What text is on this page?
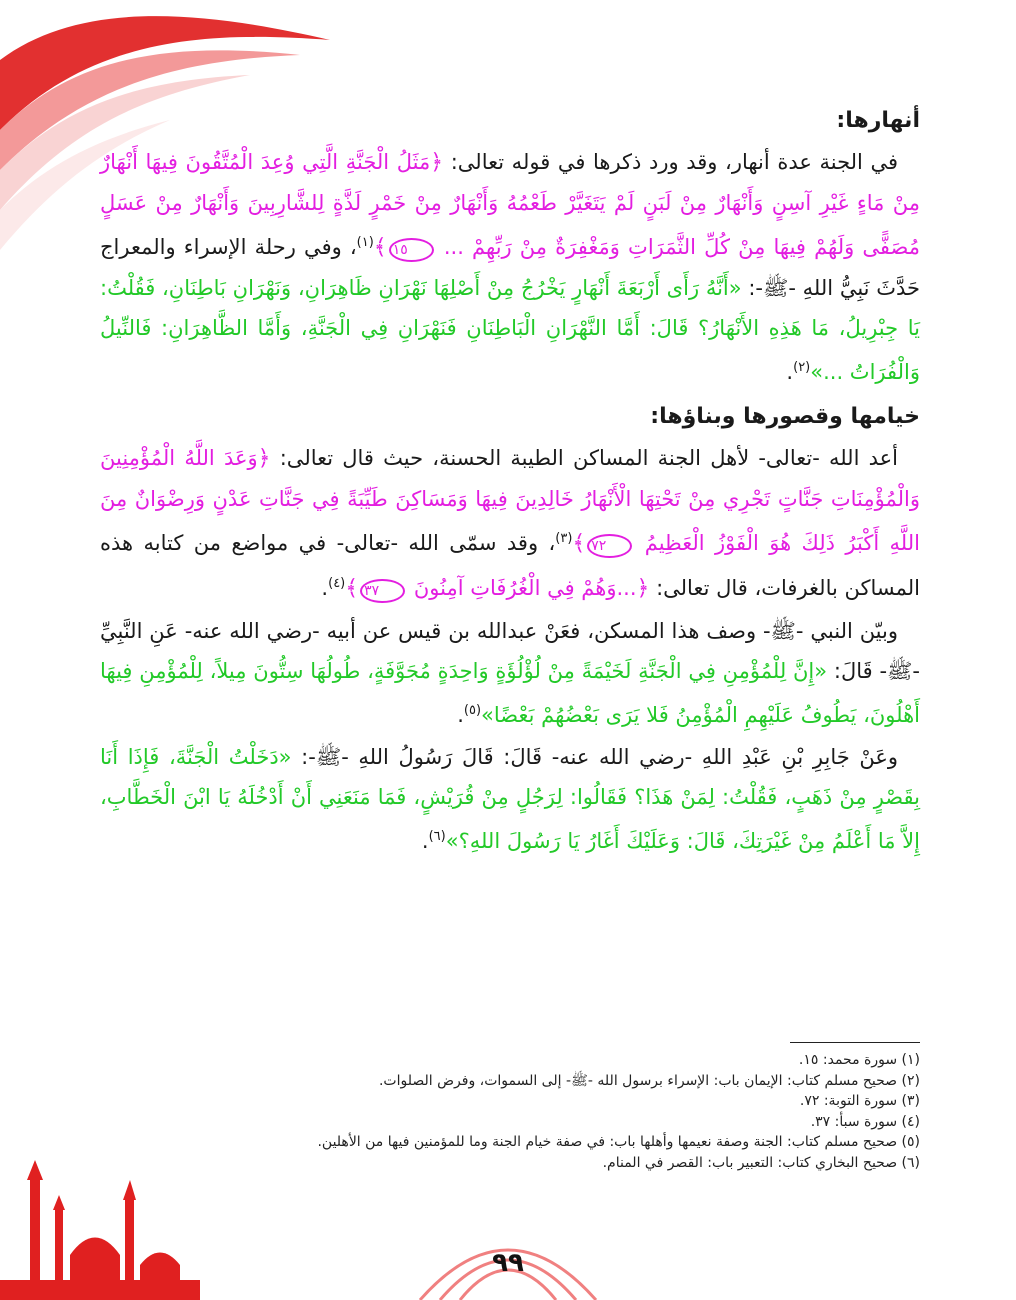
أنهارها:

في الجنة عدة أنهار، وقد ورد ذكرها في قوله تعالى: ﴿مَثَلُ الْجَنَّةِ الَّتِي وُعِدَ الْمُتَّقُونَ فِيهَا أَنْهَارٌ مِنْ مَاءٍ غَيْرِ آسِنٍ وَأَنْهَارٌ مِنْ لَبَنٍ لَمْ يَتَغَيَّرْ طَعْمُهُ وَأَنْهَارٌ مِنْ خَمْرٍ لَذَّةٍ لِلشَّارِبِينَ وَأَنْهَارٌ مِنْ عَسَلٍ مُصَفًّى وَلَهُمْ فِيهَا مِنْ كُلِّ الثَّمَرَاتِ وَمَغْفِرَةٌ مِنْ رَبِّهِمْ ... ١٥﴾$^{(١)}$، وفي رحلة الإسراء والمعراج حَدَّثَ نَبِيُّ اللهِ -ﷺ-: «أَنَّهُ رَأَى أَرْبَعَةَ أَنْهَارٍ يَخْرُجُ مِنْ أَصْلِهَا نَهْرَانِ ظَاهِرَانِ، وَنَهْرَانِ بَاطِنَانِ، فَقُلْتُ: يَا جِبْرِيلُ، مَا هَذِهِ الأَنْهَارُ؟ قَالَ: أَمَّا النَّهْرَانِ الْبَاطِنَانِ فَنَهْرَانِ فِي الْجَنَّةِ، وَأَمَّا الظَّاهِرَانِ: فَالنِّيلُ وَالْفُرَاتُ ...»$^{(٢)}$.

خيامها وقصورها وبناؤها:

أعد الله -تعالى- لأهل الجنة المساكن الطيبة الحسنة، حيث قال تعالى: ﴿وَعَدَ اللَّهُ الْمُؤْمِنِينَ وَالْمُؤْمِنَاتِ جَنَّاتٍ تَجْرِي مِنْ تَحْتِهَا الْأَنْهَارُ خَالِدِينَ فِيهَا وَمَسَاكِنَ طَيِّبَةً فِي جَنَّاتِ عَدْنٍ وَرِضْوَانٌ مِنَ اللَّهِ أَكْبَرُ ذَلِكَ هُوَ الْفَوْزُ الْعَظِيمُ ٧٢﴾$^{(٣)}$، وقد سمّى الله -تعالى- في مواضع من كتابه هذه المساكن بالغرفات، قال تعالى: ﴿...وَهُمْ فِي الْغُرُفَاتِ آمِنُونَ ٣٧﴾$^{(٤)}$.

وبيّن النبي -ﷺ- وصف هذا المسكن، فعَنْ عبدالله بن قيس عن أبيه -رضي الله عنه- عَنِ النَّبِيِّ -ﷺ- قَالَ: «إِنَّ لِلْمُؤْمِنِ فِي الْجَنَّةِ لَخَيْمَةً مِنْ لُؤْلُؤَةٍ وَاحِدَةٍ مُجَوَّفَةٍ، طُولُهَا سِتُّونَ مِيلاً، لِلْمُؤْمِنِ فِيهَا أَهْلُونَ، يَطُوفُ عَلَيْهِمِ الْمُؤْمِنُ فَلا يَرَى بَعْضُهُمْ بَعْضًا»$^{(٥)}$.

وعَنْ جَابِرِ بْنِ عَبْدِ اللهِ -رضي الله عنه- قَالَ: قَالَ رَسُولُ اللهِ -ﷺ-: «دَخَلْتُ الْجَنَّةَ، فَإِذَا أَنَا بِقَصْرٍ مِنْ ذَهَبٍ، فَقُلْتُ: لِمَنْ هَذَا؟ فَقَالُوا: لِرَجُلٍ مِنْ قُرَيْشٍ، فَمَا مَنَعَنِي أَنْ أَدْخُلَهُ يَا ابْنَ الْخَطَّابِ، إِلاَّ مَا أَعْلَمُ مِنْ غَيْرَتِكَ، قَالَ: وَعَلَيْكَ أَغَارُ يَا رَسُولَ اللهِ؟»$^{(٦)}$.

(١) سورة محمد: ١٥.
(٢) صحيح مسلم كتاب: الإيمان باب: الإسراء برسول الله -ﷺ- إلى السموات، وفرض الصلوات.
(٣) سورة التوبة: ٧٢.
(٤) سورة سبأ: ٣٧.
(٥) صحيح مسلم كتاب: الجنة وصفة نعيمها وأهلها باب: في صفة خيام الجنة وما للمؤمنين فيها من الأهلين.
(٦) صحيح البخاري كتاب: التعبير باب: القصر في المنام.
٩٩
